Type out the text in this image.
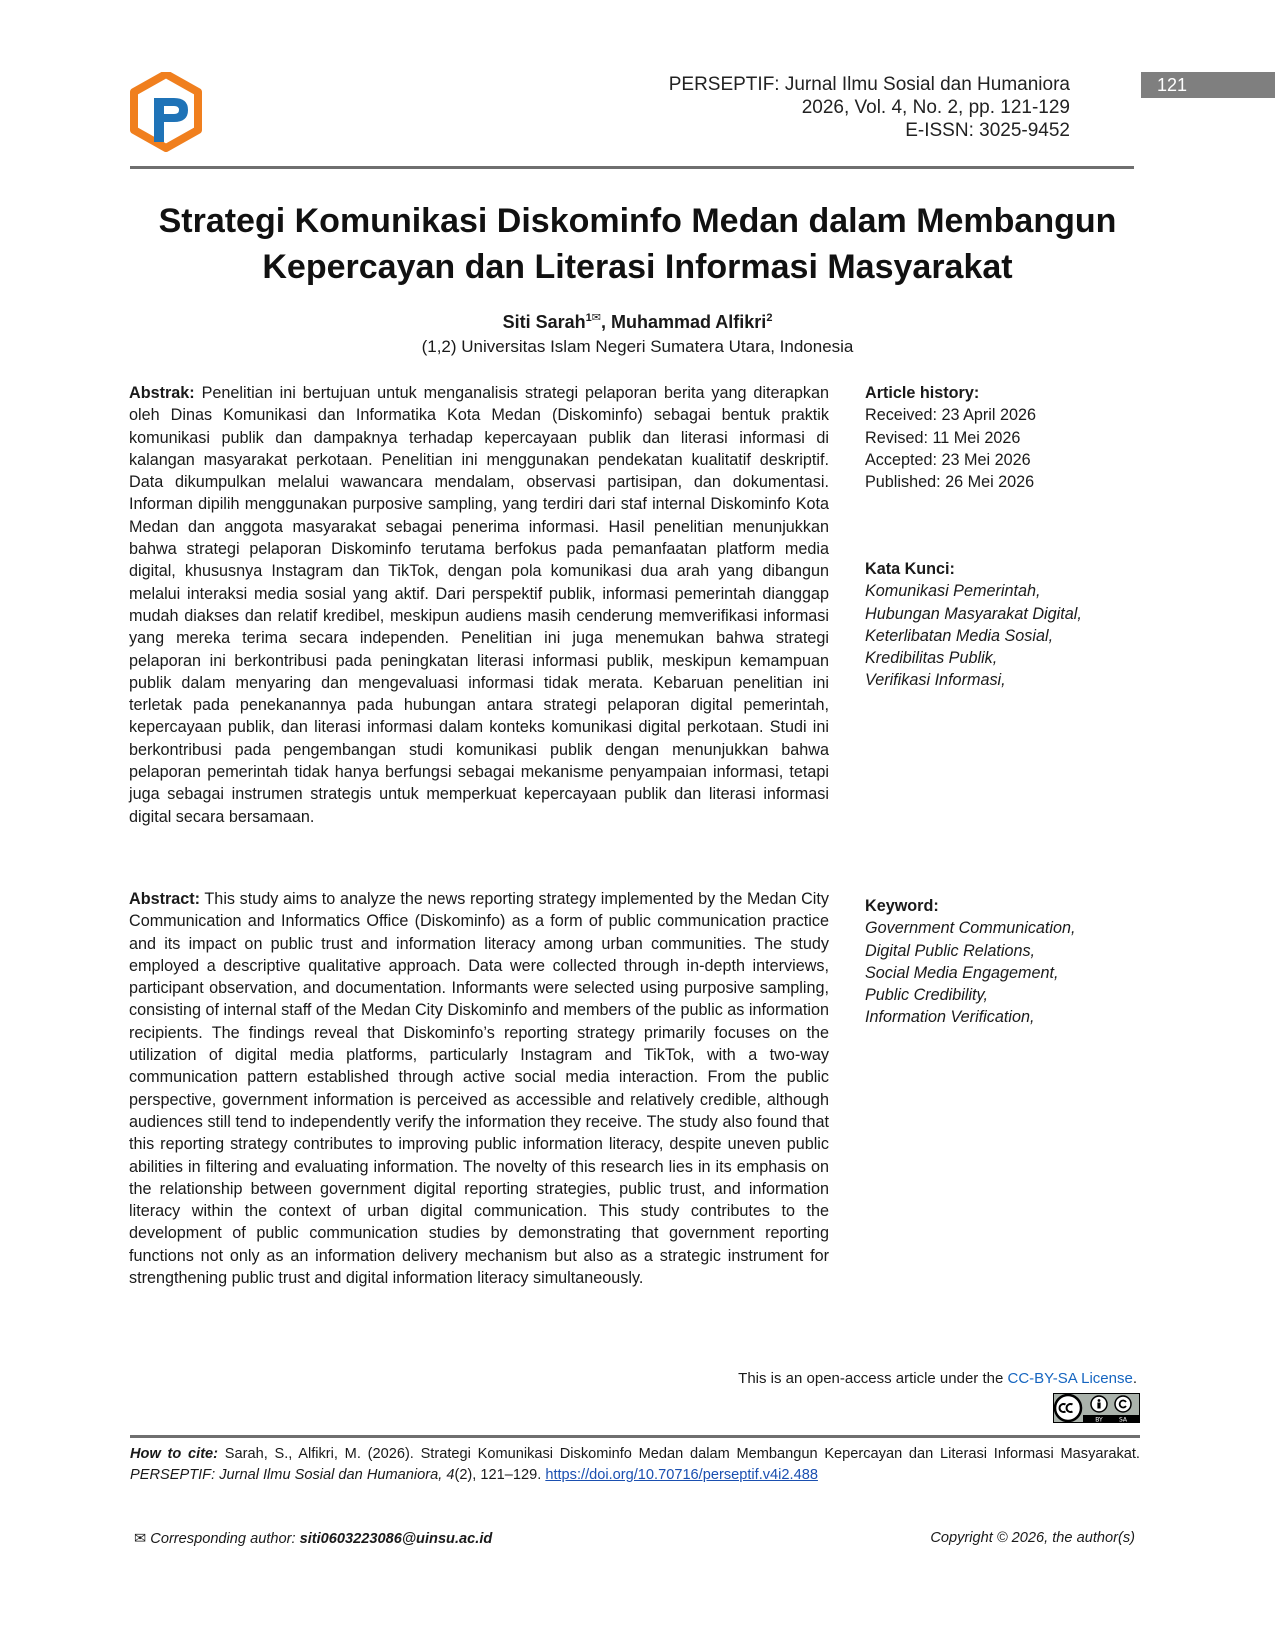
PERSEPTIF: Jurnal Ilmu Sosial dan Humaniora
2026, Vol. 4, No. 2, pp. 121-129
E-ISSN: 3025-9452
121
Strategi Komunikasi Diskominfo Medan dalam Membangun
Kepercayan dan Literasi Informasi Masyarakat
Siti Sarah$^{1✉}$, Muhammad Alfikri$^2$
(1,2) Universitas Islam Negeri Sumatera Utara, Indonesia
Abstrak: Penelitian ini bertujuan untuk menganalisis strategi pelaporan berita yang diterapkan oleh Dinas Komunikasi dan Informatika Kota Medan (Diskominfo) sebagai bentuk praktik komunikasi publik dan dampaknya terhadap kepercayaan publik dan literasi informasi di kalangan masyarakat perkotaan. Penelitian ini menggunakan pendekatan kualitatif deskriptif. Data dikumpulkan melalui wawancara mendalam, observasi partisipan, dan dokumentasi. Informan dipilih menggunakan purposive sampling, yang terdiri dari staf internal Diskominfo Kota Medan dan anggota masyarakat sebagai penerima informasi. Hasil penelitian menunjukkan bahwa strategi pelaporan Diskominfo terutama berfokus pada pemanfaatan platform media digital, khususnya Instagram dan TikTok, dengan pola komunikasi dua arah yang dibangun melalui interaksi media sosial yang aktif. Dari perspektif publik, informasi pemerintah dianggap mudah diakses dan relatif kredibel, meskipun audiens masih cenderung memverifikasi informasi yang mereka terima secara independen. Penelitian ini juga menemukan bahwa strategi pelaporan ini berkontribusi pada peningkatan literasi informasi publik, meskipun kemampuan publik dalam menyaring dan mengevaluasi informasi tidak merata. Kebaruan penelitian ini terletak pada penekanannya pada hubungan antara strategi pelaporan digital pemerintah, kepercayaan publik, dan literasi informasi dalam konteks komunikasi digital perkotaan. Studi ini berkontribusi pada pengembangan studi komunikasi publik dengan menunjukkan bahwa pelaporan pemerintah tidak hanya berfungsi sebagai mekanisme penyampaian informasi, tetapi juga sebagai instrumen strategis untuk memperkuat kepercayaan publik dan literasi informasi digital secara bersamaan.
Abstract: This study aims to analyze the news reporting strategy implemented by the Medan City Communication and Informatics Office (Diskominfo) as a form of public communication practice and its impact on public trust and information literacy among urban communities. The study employed a descriptive qualitative approach. Data were collected through in-depth interviews, participant observation, and documentation. Informants were selected using purposive sampling, consisting of internal staff of the Medan City Diskominfo and members of the public as information recipients. The findings reveal that Diskominfo’s reporting strategy primarily focuses on the utilization of digital media platforms, particularly Instagram and TikTok, with a two-way communication pattern established through active social media interaction. From the public perspective, government information is perceived as accessible and relatively credible, although audiences still tend to independently verify the information they receive. The study also found that this reporting strategy contributes to improving public information literacy, despite uneven public abilities in filtering and evaluating information. The novelty of this research lies in its emphasis on the relationship between government digital reporting strategies, public trust, and information literacy within the context of urban digital communication. This study contributes to the development of public communication studies by demonstrating that government reporting functions not only as an information delivery mechanism but also as a strategic instrument for strengthening public trust and digital information literacy simultaneously.
Article history:
Received: 23 April 2026
Revised: 11 Mei 2026
Accepted: 23 Mei 2026
Published: 26 Mei 2026
Kata Kunci:
Komunikasi Pemerintah,
Hubungan Masyarakat Digital,
Keterlibatan Media Sosial,
Kredibilitas Publik,
Verifikasi Informasi,
Keyword:
Government Communication,
Digital Public Relations,
Social Media Engagement,
Public Credibility,
Information Verification,
This is an open-access article under the CC-BY-SA License.
BY	SA
How to cite: Sarah, S., Alfikri, M. (2026). Strategi Komunikasi Diskominfo Medan dalam Membangun Kepercayan dan Literasi Informasi Masyarakat. PERSEPTIF: Jurnal Ilmu Sosial dan Humaniora, 4(2), 121–129. https://doi.org/10.70716/perseptif.v4i2.488
✉ Corresponding author: siti0603223086@uinsu.ac.id	Copyright © 2026, the author(s)
